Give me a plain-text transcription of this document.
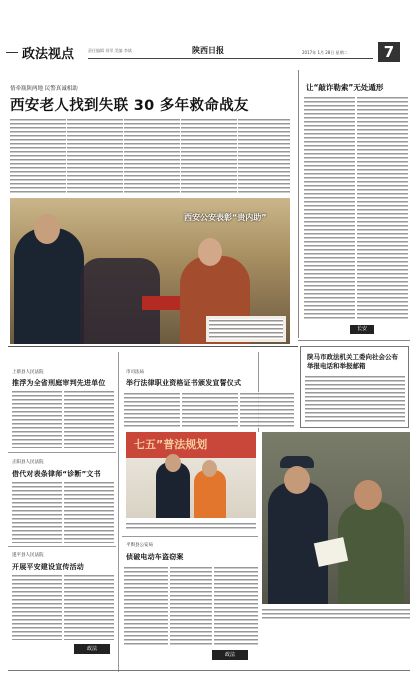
政法视点	责任编辑 刘翠 美编 李斌	陕西日报	2017年 1月 28日 星期二	7
情牵瓶陕两地 民警真诚相助
西安老人找到失联 30 多年救命战友
西安公安表彰“贵内助”
让“敲诈勒索”无处遁形
长安
陕马市政法机关工委向社会公布举报电话和举报邮箱
上蔡县人民法院
推浮为全省刑庭审判先进单位
正阳县人民法院
借代对表条律师“诊断”文书
遂平县人民法院
开展平安建设宣传活动
政法
市司法局
举行法律职业资格证书颁发宣誓仪式
七五”普法规划
平舆县公安局
侦破电动车盗窃案
政法
